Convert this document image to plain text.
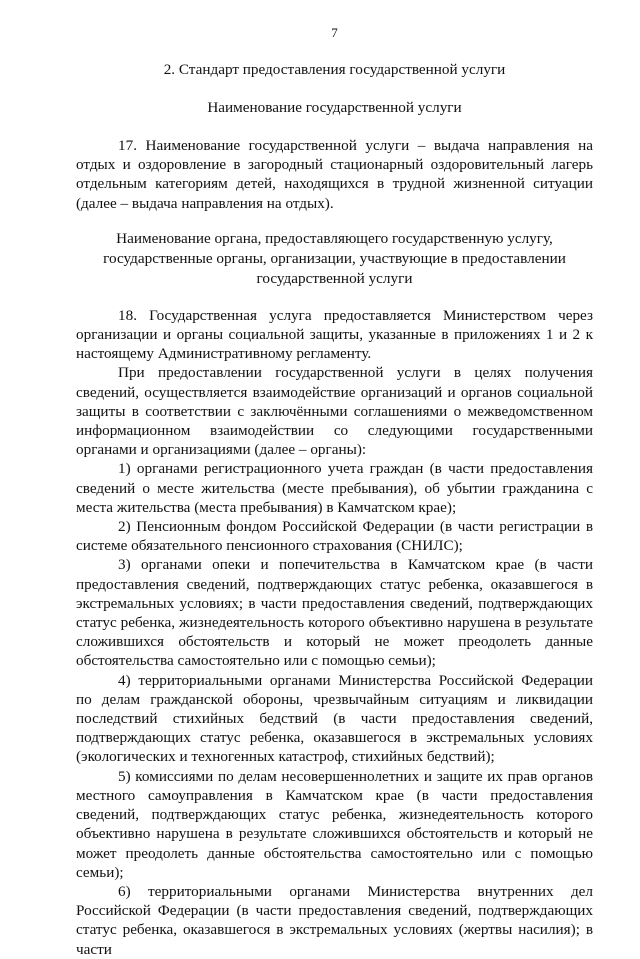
7
2. Стандарт предоставления государственной услуги
Наименование государственной услуги

17. Наименование государственной услуги – выдача направления на отдых и оздоровление в загородный стационарный оздоровительный лагерь отдельным категориям детей, находящихся в трудной жизненной ситуации (далее – выдача направления на отдых).

Наименование органа, предоставляющего государственную услугу,
государственные органы, организации, участвующие в предоставлении
государственной услуги

18. Государственная услуга предоставляется Министерством через организации и органы социальной защиты, указанные в приложениях 1 и 2 к настоящему Административному регламенту.

При предоставлении государственной услуги в целях получения сведений, осуществляется взаимодействие организаций и органов социальной защиты в соответствии с заключёнными соглашениями о межведомственном информационном взаимодействии со следующими государственными органами и организациями (далее – органы):

1) органами регистрационного учета граждан (в части предоставления сведений о месте жительства (месте пребывания), об убытии гражданина с места жительства (места пребывания) в Камчатском крае);

2) Пенсионным фондом Российской Федерации (в части регистрации в системе обязательного пенсионного страхования (СНИЛС);

3) органами опеки и попечительства в Камчатском крае (в части предоставления сведений, подтверждающих статус ребенка, оказавшегося в экстремальных условиях; в части предоставления сведений, подтверждающих статус ребенка, жизнедеятельность которого объективно нарушена в результате сложившихся обстоятельств и который не может преодолеть данные обстоятельства самостоятельно или с помощью семьи);

4) территориальными органами Министерства Российской Федерации по делам гражданской обороны, чрезвычайным ситуациям и ликвидации последствий стихийных бедствий (в части предоставления сведений, подтверждающих статус ребенка, оказавшегося в экстремальных условиях (экологических и техногенных катастроф, стихийных бедствий);

5) комиссиями по делам несовершеннолетних и защите их прав органов местного самоуправления в Камчатском крае (в части предоставления сведений, подтверждающих статус ребенка, жизнедеятельность которого объективно нарушена в результате сложившихся обстоятельств и который не может преодолеть данные обстоятельства самостоятельно или с помощью семьи);

6) территориальными органами Министерства внутренних дел Российской Федерации (в части предоставления сведений, подтверждающих статус ребенка, оказавшегося в экстремальных условиях (жертвы насилия); в части
